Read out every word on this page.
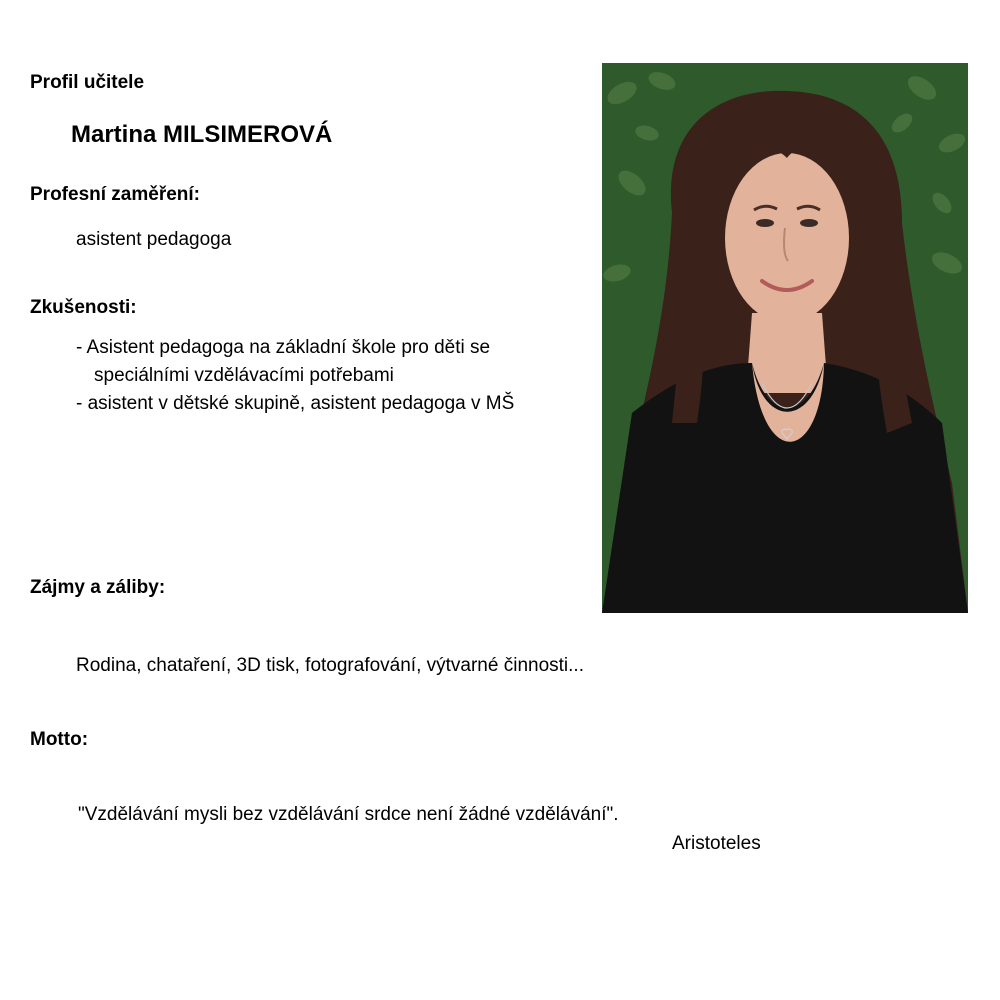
Profil učitele
Martina MILSIMEROVÁ
Profesní zaměření:
asistent pedagoga
Zkušenosti:
- Asistent pedagoga na základní škole pro děti se
speciálními vzdělávacími potřebami
- asistent v dětské skupině, asistent pedagoga v MŠ
Zájmy a záliby:
Rodina, chataření, 3D tisk, fotografování, výtvarné činnosti...
Motto:
"Vzdělávání mysli bez vzdělávání srdce není žádné vzdělávání".
Aristoteles
